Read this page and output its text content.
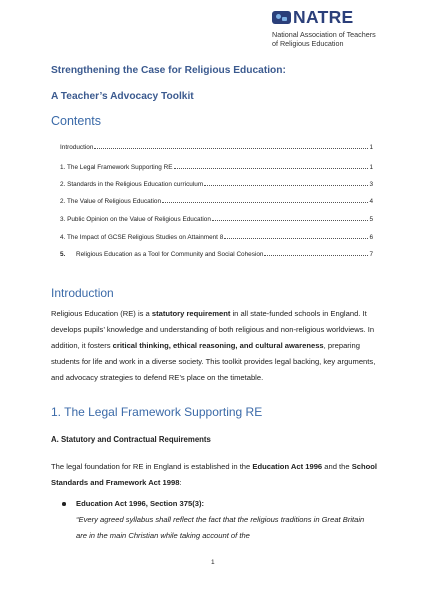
NATRE
National Association of Teachers
of Religious Education
Strengthening the Case for Religious Education:
A Teacher’s Advocacy Toolkit
Contents
Introduction	1
1. The Legal Framework Supporting RE	1
2. Standards in the Religious Education curriculum	3
2. The Value of Religious Education	4
3. Public Opinion on the Value of Religious Education	5
4. The Impact of GCSE Religious Studies on Attainment 8	6
5. Religious Education as a Tool for Community and Social Cohesion	7
Introduction
Religious Education (RE) is a statutory requirement in all state-funded schools in England. It develops pupils’ knowledge and understanding of both religious and non-religious worldviews. In addition, it fosters critical thinking, ethical reasoning, and cultural awareness, preparing students for life and work in a diverse society. This toolkit provides legal backing, key arguments, and advocacy strategies to defend RE’s place on the timetable.
1. The Legal Framework Supporting RE
A. Statutory and Contractual Requirements
The legal foundation for RE in England is established in the Education Act 1996 and the School Standards and Framework Act 1998:
Education Act 1996, Section 375(3):
“Every agreed syllabus shall reflect the fact that the religious traditions in Great Britain are in the main Christian while taking account of the
1
